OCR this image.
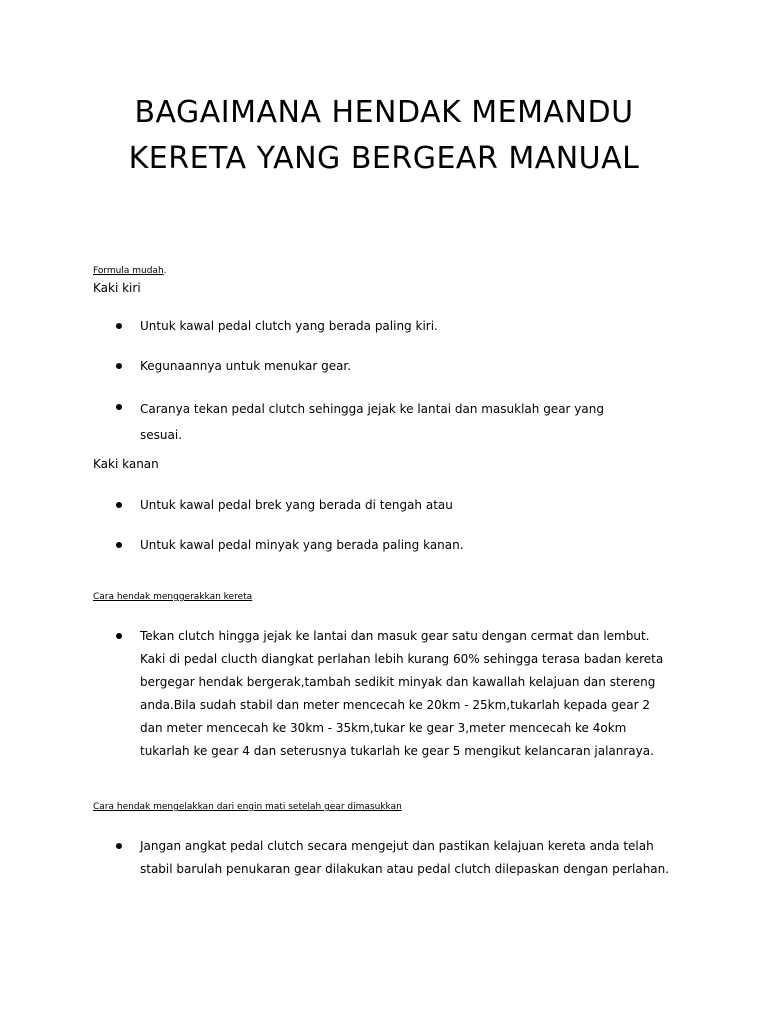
BAGAIMANA HENDAK MEMANDU
KERETA YANG BERGEAR MANUAL
Formula mudah.
Kaki kiri
Untuk kawal pedal clutch yang berada paling kiri.
Kegunaannya untuk menukar gear.
Caranya tekan pedal clutch sehingga jejak ke lantai dan masuklah gear yang
sesuai.
Kaki kanan
Untuk kawal pedal brek yang berada di tengah atau
Untuk kawal pedal minyak yang berada paling kanan.
Cara hendak menggerakkan kereta
Tekan clutch hingga jejak ke lantai dan masuk gear satu dengan cermat dan lembut.
Kaki di pedal clucth diangkat perlahan lebih kurang 60% sehingga terasa badan kereta
bergegar hendak bergerak,tambah sedikit minyak dan kawallah kelajuan dan stereng
anda.Bila sudah stabil dan meter mencecah ke 20km - 25km,tukarlah kepada gear 2
dan meter mencecah ke 30km - 35km,tukar ke gear 3,meter mencecah ke 4okm
tukarlah ke gear 4 dan seterusnya tukarlah ke gear 5 mengikut kelancaran jalanraya.
Cara hendak mengelakkan dari engin mati setelah gear dimasukkan
Jangan angkat pedal clutch secara mengejut dan pastikan kelajuan kereta anda telah
stabil barulah penukaran gear dilakukan atau pedal clutch dilepaskan dengan perlahan.
